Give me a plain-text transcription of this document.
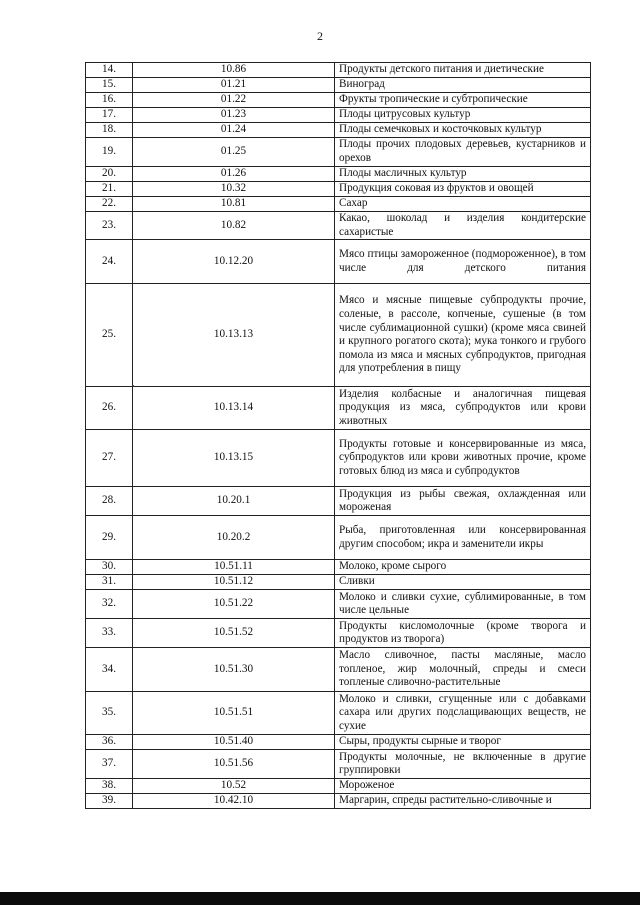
2
14.	10.86	Продукты детского питания и диетические
15.	01.21	Виноград
16.	01.22	Фрукты тропические и субтропические
17.	01.23	Плоды цитрусовых культур
18.	01.24	Плоды семечковых и косточковых культур
19.	01.25	Плоды прочих плодовых деревьев, кустарников и орехов
20.	01.26	Плоды масличных культур
21.	10.32	Продукция соковая из фруктов и овощей
22.	10.81	Сахар
23.	10.82	Какао, шоколад и изделия кондитерские сахаристые
24.	10.12.20	Мясо птицы замороженное (подмороженное), в том числе для детского питания
25.	10.13.13	Мясо и мясные пищевые субпродукты прочие, соленые, в рассоле, копченые, сушеные (в том числе сублимационной сушки) (кроме мяса свиней и крупного рогатого скота); мука тонкого и грубого помола из мяса и мясных субпродуктов, пригодная для употребления в пищу
26.	10.13.14	Изделия колбасные и аналогичная пищевая продукция из мяса, субпродуктов или крови животных
27.	10.13.15	Продукты готовые и консервированные из мяса, субпродуктов или крови животных прочие, кроме готовых блюд из мяса и субпродуктов
28.	10.20.1	Продукция из рыбы свежая, охлажденная или мороженая
29.	10.20.2	Рыба, приготовленная или консервированная другим способом; икра и заменители икры
30.	10.51.11	Молоко, кроме сырого
31.	10.51.12	Сливки
32.	10.51.22	Молоко и сливки сухие, сублимированные, в том числе цельные
33.	10.51.52	Продукты кисломолочные (кроме творога и продуктов из творога)
34.	10.51.30	Масло сливочное, пасты масляные, масло топленое, жир молочный, спреды и смеси топленые сливочно-растительные
35.	10.51.51	Молоко и сливки, сгущенные или с добавками сахара или других подслащивающих веществ, не сухие
36.	10.51.40	Сыры, продукты сырные и творог
37.	10.51.56	Продукты молочные, не включенные в другие группировки
38.	10.52	Мороженое
39.	10.42.10	Маргарин, спреды растительно-сливочные и
